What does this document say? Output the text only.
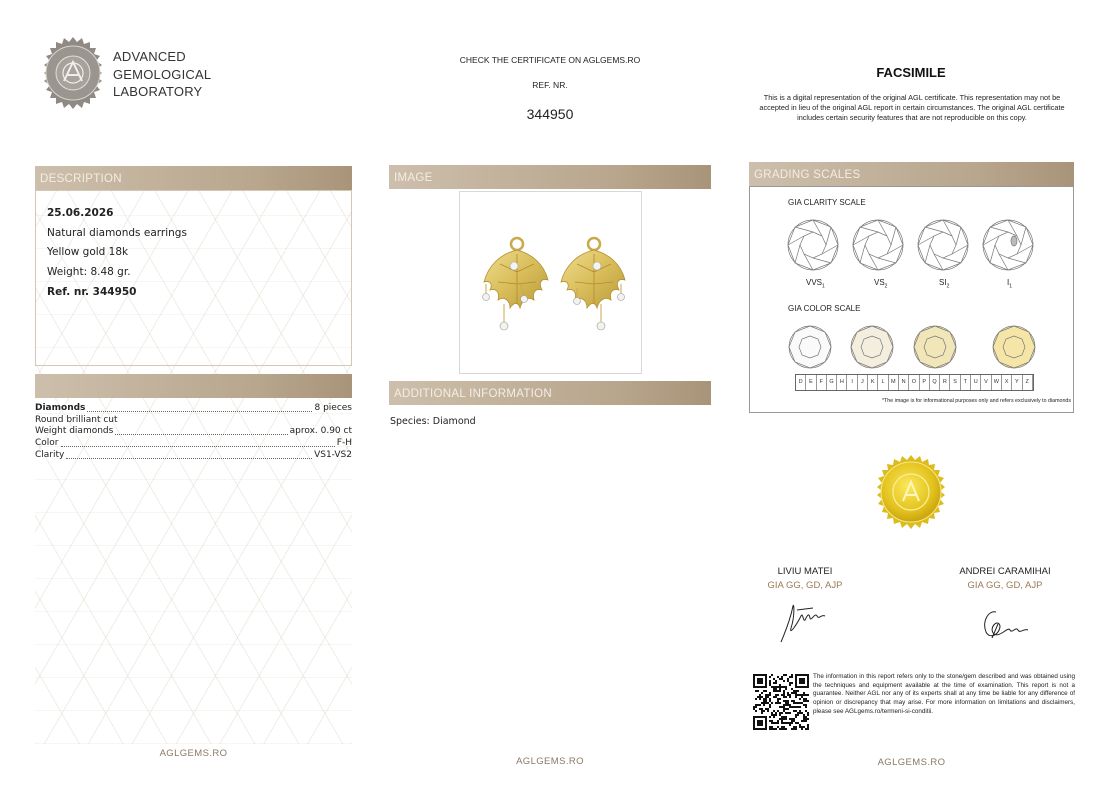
ADVANCED
GEMOLOGICAL
LABORATORY
CHECK THE CERTIFICATE ON AGLGEMS.RO
REF. NR.
344950
FACSIMILE
This is a digital representation of the original AGL certificate. This representation may not be accepted in lieu of the original AGL report in certain circumstances. The original AGL certificate includes certain security features that are not reproducible on this copy.
DESCRIPTION
25.06.2026
Natural diamonds earrings
Yellow gold 18k
Weight: 8.48 gr.
Ref. nr. 344950
Diamonds	8 pieces
Round brilliant cut
Weight diamonds	aprox. 0.90 ct
Color	F-H
Clarity	VS1-VS2
AGLGEMS.RO
IMAGE
ADDITIONAL INFORMATION
Species: Diamond
AGLGEMS.RO
GRADING SCALES
GIA CLARITY SCALE
$VVS_1$	$VS_2$	$SI_2$	$I_1$
GIA COLOR SCALE
D	E	F	G	H	I	J	K	L	M	N	O	P	Q	R	S	T	U	V	W	X	Y	Z
*The image is for informational purposes only and refers exclusively to diamonds
LIVIU MATEI
GIA GG, GD, AJP
ANDREI CARAMIHAI
GIA GG, GD, AJP
The information in this report refers only to the stone/gem described and was obtained using the techniques and equipment available at the time of examination. This report is not a guarantee. Neither AGL nor any of its experts shall at any time be liable for any difference of opinion or discrepancy that may arise. For more information on limitations and disclaimers, please see AGLgems.ro/termeni-si-conditii.
AGLGEMS.RO
